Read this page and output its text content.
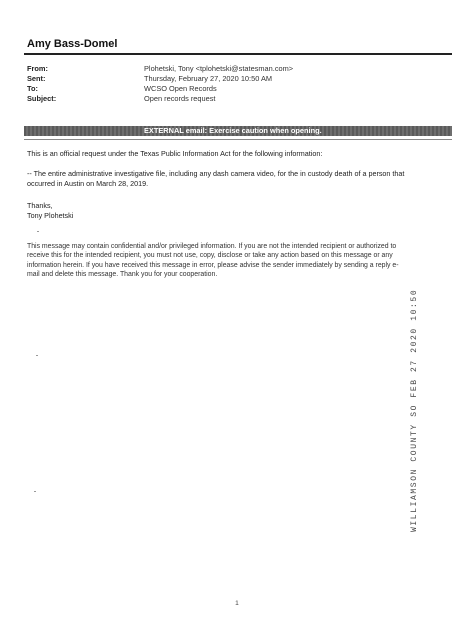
Amy Bass-Domel
From:	Plohetski, Tony <tplohetski@statesman.com>
Sent:	Thursday, February 27, 2020 10:50 AM
To:	WCSO Open Records
Subject:	Open records request
EXTERNAL email: Exercise caution when opening.
This is an official request under the Texas Public Information Act for the following information:
-- The entire administrative investigative file, including any dash camera video, for the in custody death of a person that
occurred in Austin on March 28, 2019.
Thanks,
Tony Plohetski
This message may contain confidential and/or privileged information. If you are not the intended recipient or authorized to
receive this for the intended recipient, you must not use, copy, disclose or take any action based on this message or any
information herein. If you have received this message in error, please advise the sender immediately by sending a reply e-
mail and delete this message. Thank you for your cooperation.
WILLIAMSON COUNTY SO FEB 27 2020 10:50
1
